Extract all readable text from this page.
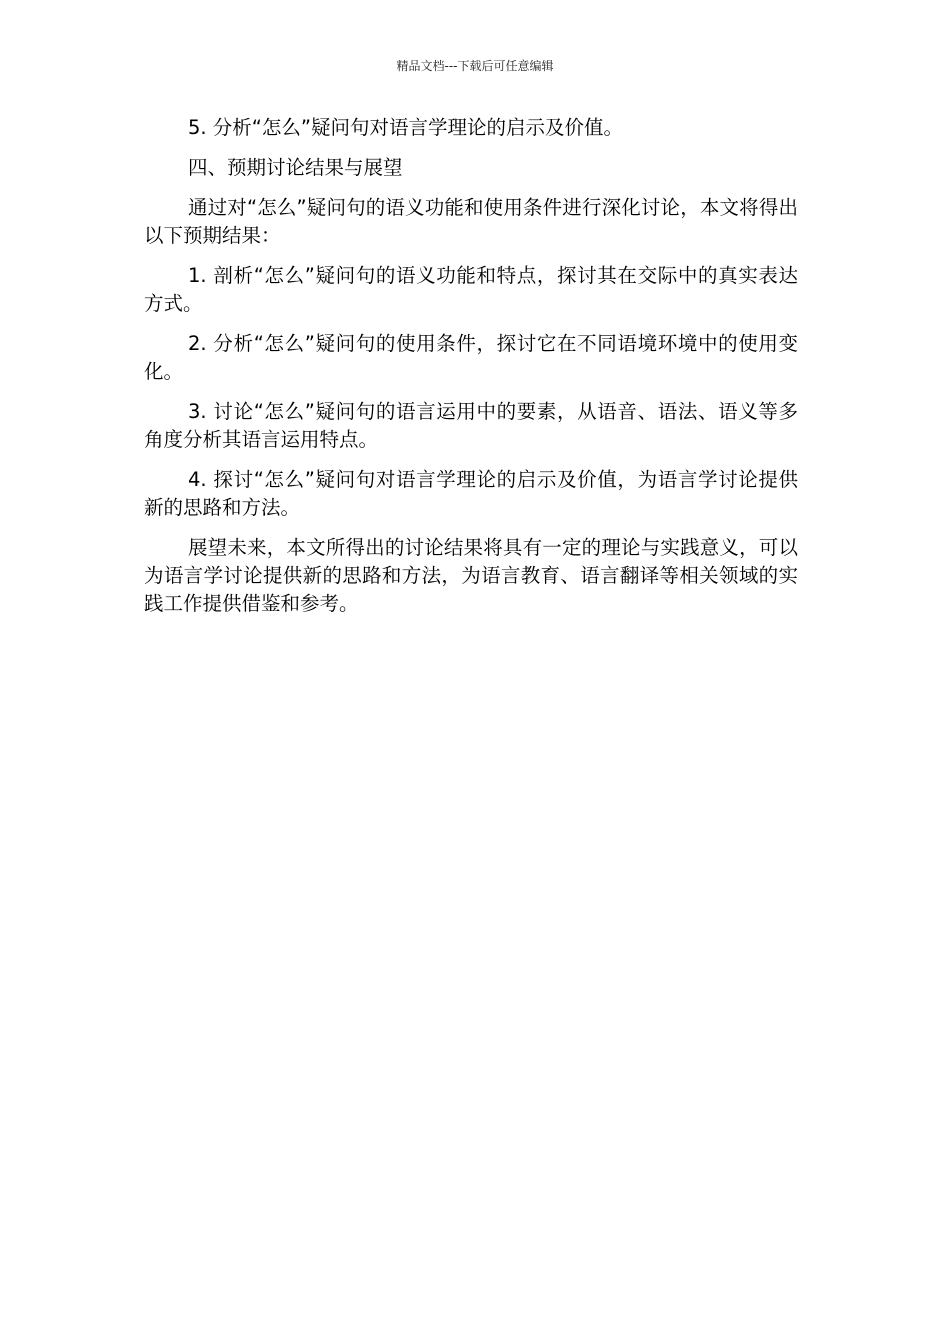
精品文档---下载后可任意编辑

5. 分析“怎么”疑问句对语言学理论的启示及价值。

四、预期讨论结果与展望

通过对“怎么”疑问句的语义功能和使用条件进行深化讨论，本文将得出以下预期结果：

1. 剖析“怎么”疑问句的语义功能和特点，探讨其在交际中的真实表达方式。

2. 分析“怎么”疑问句的使用条件，探讨它在不同语境环境中的使用变化。

3. 讨论“怎么”疑问句的语言运用中的要素，从语音、语法、语义等多角度分析其语言运用特点。

4. 探讨“怎么”疑问句对语言学理论的启示及价值，为语言学讨论提供新的思路和方法。

展望未来，本文所得出的讨论结果将具有一定的理论与实践意义，可以为语言学讨论提供新的思路和方法，为语言教育、语言翻译等相关领域的实践工作提供借鉴和参考。
